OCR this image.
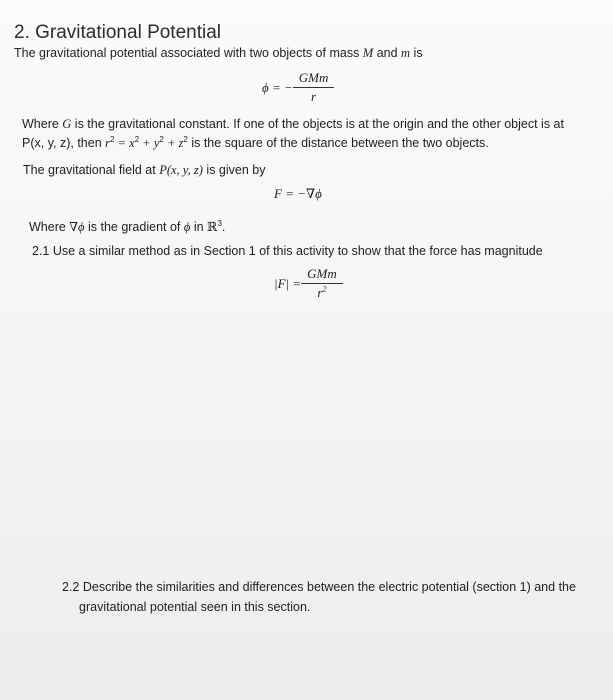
2. Gravitational Potential
The gravitational potential associated with two objects of mass M and m is
ϕ = − $\frac{\text{GMm}}{r}$
Where G is the gravitational constant. If one of the objects is at the origin and the other object is at
P(x, y, z), then $r^2 = x^2 + y^2 + z^2$ is the square of the distance between the two objects.
The gravitational field at P(x, y, z) is given by
F = −∇ϕ
Where ∇ϕ is the gradient of ϕ in ℝ$^3$.
2.1 Use a similar method as in Section 1 of this activity to show that the force has magnitude
$|F| = \frac{\text{GMm}}{r^2}$
2.2 Describe the similarities and differences between the electric potential (section 1) and the
gravitational potential seen in this section.
